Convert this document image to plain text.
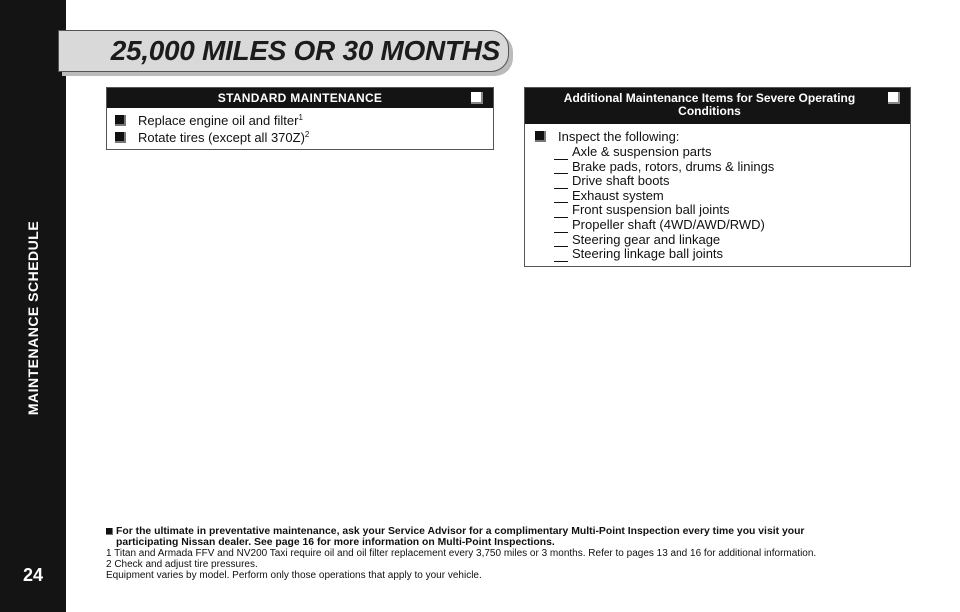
MAINTENANCE SCHEDULE
24
25,000 MILES OR 30 MONTHS
STANDARD MAINTENANCE
Replace engine oil and filter$^1$
Rotate tires (except all 370Z)$^2$
Additional Maintenance Items for Severe Operating Conditions
Inspect the following:
Axle & suspension parts
Brake pads, rotors, drums & linings
Drive shaft boots
Exhaust system
Front suspension ball joints
Propeller shaft (4WD/AWD/RWD)
Steering gear and linkage
Steering linkage ball joints
For the ultimate in preventative maintenance, ask your Service Advisor for a complimentary Multi-Point Inspection every time you visit your
participating Nissan dealer. See page 16 for more information on Multi-Point Inspections.
1 Titan and Armada FFV and NV200 Taxi require oil and oil filter replacement every 3,750 miles or 3 months. Refer to pages 13 and 16 for additional information.
2 Check and adjust tire pressures.
Equipment varies by model. Perform only those operations that apply to your vehicle.
